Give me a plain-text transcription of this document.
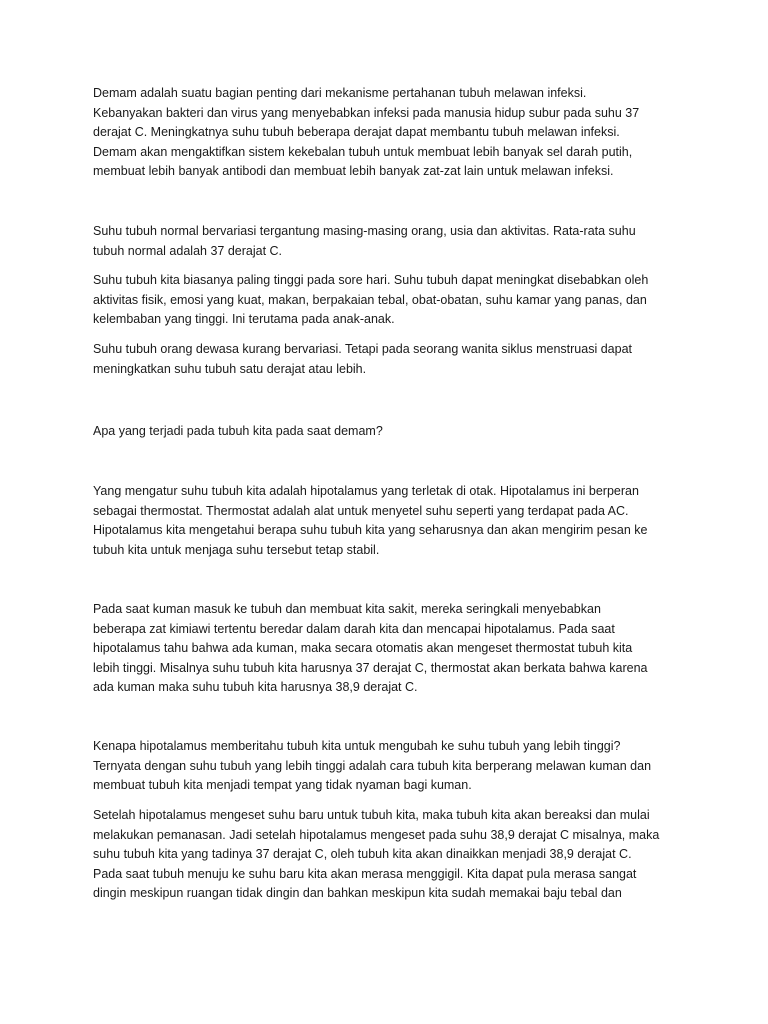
Demam adalah suatu bagian penting dari mekanisme pertahanan tubuh melawan infeksi.
Kebanyakan bakteri dan virus yang menyebabkan infeksi pada manusia hidup subur pada suhu 37
derajat C. Meningkatnya suhu tubuh beberapa derajat dapat membantu tubuh melawan infeksi.
Demam akan mengaktifkan sistem kekebalan tubuh untuk membuat lebih banyak sel darah putih,
membuat lebih banyak antibodi dan membuat lebih banyak zat-zat lain untuk melawan infeksi.
Suhu tubuh normal bervariasi tergantung masing-masing orang, usia dan aktivitas. Rata-rata suhu
tubuh normal adalah 37 derajat C.
Suhu tubuh kita biasanya paling tinggi pada sore hari. Suhu tubuh dapat meningkat disebabkan oleh
aktivitas fisik, emosi yang kuat, makan, berpakaian tebal, obat-obatan, suhu kamar yang panas, dan
kelembaban yang tinggi. Ini terutama pada anak-anak.
Suhu tubuh orang dewasa kurang bervariasi. Tetapi pada seorang wanita siklus menstruasi dapat
meningkatkan suhu tubuh satu derajat atau lebih.
Apa yang terjadi pada tubuh kita pada saat demam?
Yang mengatur suhu tubuh kita adalah hipotalamus yang terletak di otak. Hipotalamus ini berperan
sebagai thermostat. Thermostat adalah alat untuk menyetel suhu seperti yang terdapat pada AC.
Hipotalamus kita mengetahui berapa suhu tubuh kita yang seharusnya dan akan mengirim pesan ke
tubuh kita untuk menjaga suhu tersebut tetap stabil.
Pada saat kuman masuk ke tubuh dan membuat kita sakit, mereka seringkali menyebabkan
beberapa zat kimiawi tertentu beredar dalam darah kita dan mencapai hipotalamus. Pada saat
hipotalamus tahu bahwa ada kuman, maka secara otomatis akan mengeset thermostat tubuh kita
lebih tinggi. Misalnya suhu tubuh kita harusnya 37 derajat C, thermostat akan berkata bahwa karena
ada kuman maka suhu tubuh kita harusnya 38,9 derajat C.
Kenapa hipotalamus memberitahu tubuh kita untuk mengubah ke suhu tubuh yang lebih tinggi?
Ternyata dengan suhu tubuh yang lebih tinggi adalah cara tubuh kita berperang melawan kuman dan
membuat tubuh kita menjadi tempat yang tidak nyaman bagi kuman.
Setelah hipotalamus mengeset suhu baru untuk tubuh kita, maka tubuh kita akan bereaksi dan mulai
melakukan pemanasan. Jadi setelah hipotalamus mengeset pada suhu 38,9 derajat C misalnya, maka
suhu tubuh kita yang tadinya 37 derajat C, oleh tubuh kita akan dinaikkan menjadi 38,9 derajat C.
Pada saat tubuh menuju ke suhu baru kita akan merasa menggigil. Kita dapat pula merasa sangat
dingin meskipun ruangan tidak dingin dan bahkan meskipun kita sudah memakai baju tebal dan
